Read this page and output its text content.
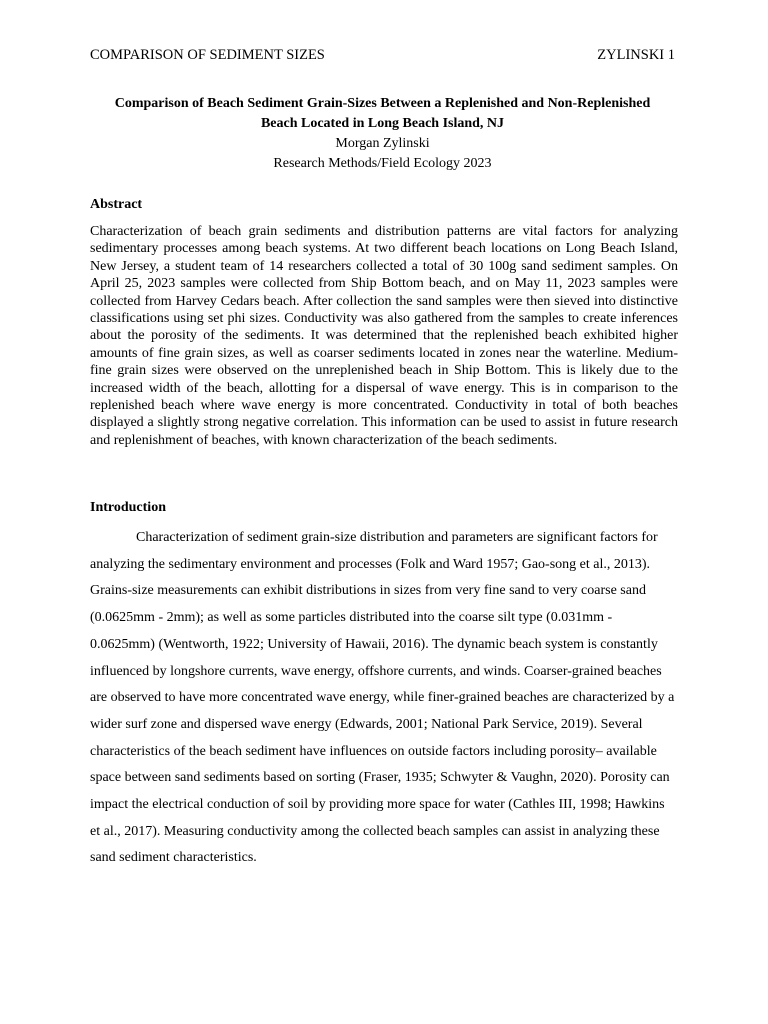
COMPARISON OF SEDIMENT SIZES	ZYLINSKI 1
Comparison of Beach Sediment Grain-Sizes Between a Replenished and Non-Replenished
Beach Located in Long Beach Island, NJ
Morgan Zylinski
Research Methods/Field Ecology 2023
Abstract

Characterization of beach grain sediments and distribution patterns are vital factors for analyzing sedimentary processes among beach systems. At two different beach locations on Long Beach Island, New Jersey, a student team of 14 researchers collected a total of 30 100g sand sediment samples. On April 25, 2023 samples were collected from Ship Bottom beach, and on May 11, 2023 samples were collected from Harvey Cedars beach. After collection the sand samples were then sieved into distinctive classifications using set phi sizes. Conductivity was also gathered from the samples to create inferences about the porosity of the sediments. It was determined that the replenished beach exhibited higher amounts of fine grain sizes, as well as coarser sediments located in zones near the waterline. Medium-fine grain sizes were observed on the unreplenished beach in Ship Bottom. This is likely due to the increased width of the beach, allotting for a dispersal of wave energy. This is in comparison to the replenished beach where wave energy is more concentrated. Conductivity in total of both beaches displayed a slightly strong negative correlation. This information can be used to assist in future research and replenishment of beaches, with known characterization of the beach sediments.

Introduction

Characterization of sediment grain-size distribution and parameters are significant factors for analyzing the sedimentary environment and processes (Folk and Ward 1957; Gao-song et al., 2013). Grains-size measurements can exhibit distributions in sizes from very fine sand to very coarse sand (0.0625mm - 2mm); as well as some particles distributed into the coarse silt type (0.031mm - 0.0625mm) (Wentworth, 1922; University of Hawaii, 2016). The dynamic beach system is constantly influenced by longshore currents, wave energy, offshore currents, and winds. Coarser-grained beaches are observed to have more concentrated wave energy, while finer-grained beaches are characterized by a wider surf zone and dispersed wave energy (Edwards, 2001; National Park Service, 2019). Several characteristics of the beach sediment have influences on outside factors including porosity– available space between sand sediments based on sorting (Fraser, 1935; Schwyter & Vaughn, 2020). Porosity can impact the electrical conduction of soil by providing more space for water (Cathles III, 1998; Hawkins et al., 2017). Measuring conductivity among the collected beach samples can assist in analyzing these sand sediment characteristics.
